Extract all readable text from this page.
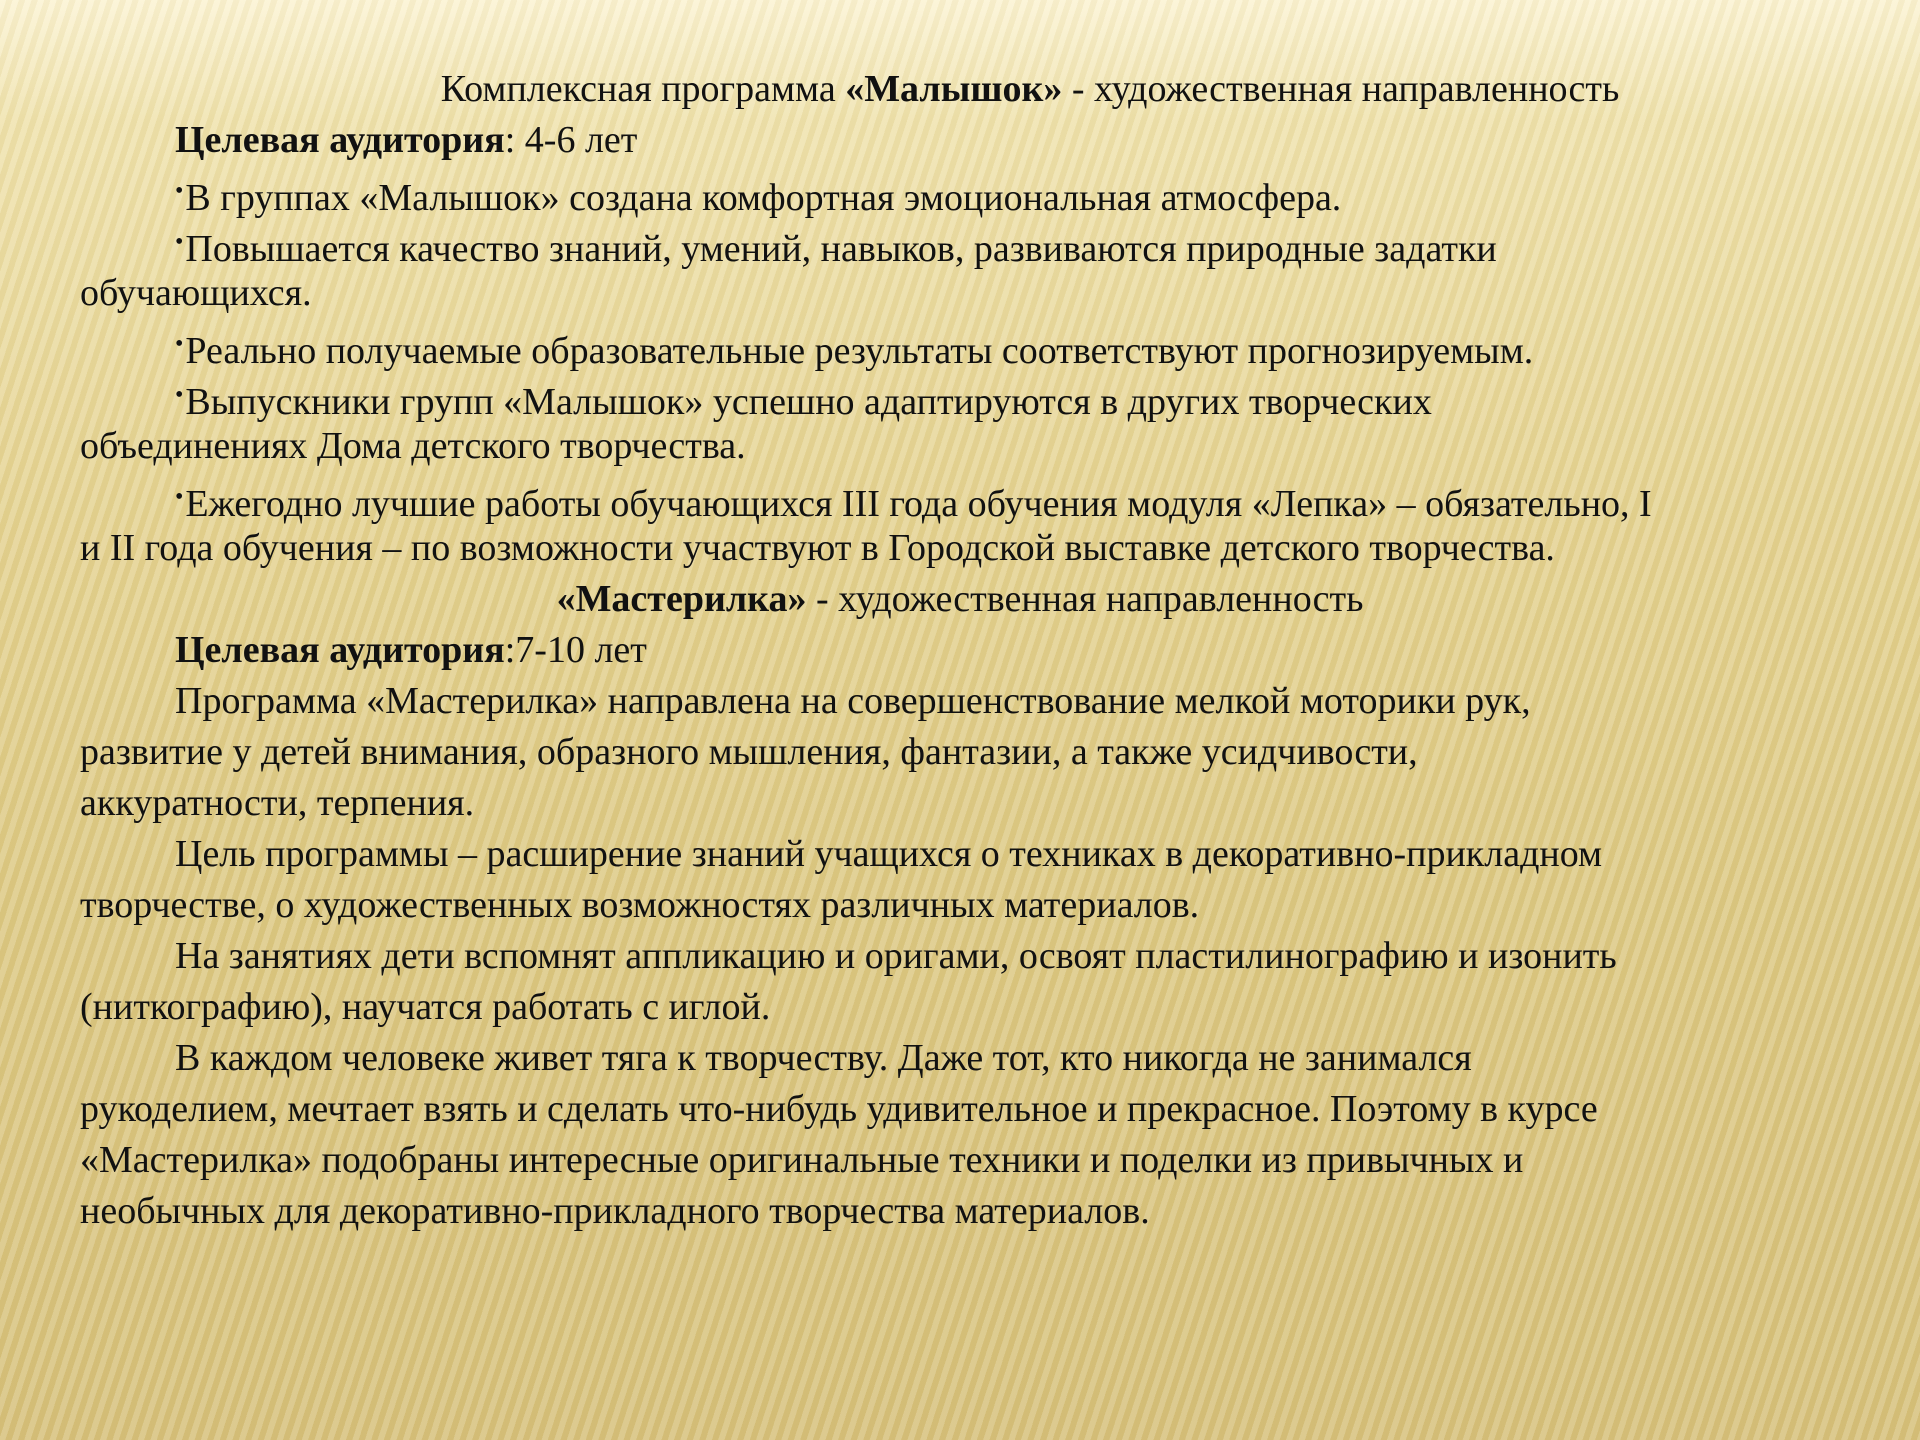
Комплексная программа «Малышок» - художественная направленность
Целевая аудитория: 4-6 лет
•В группах «Малышок» создана комфортная эмоциональная атмосфера.
•Повышается качество знаний, умений, навыков, развиваются природные задатки
обучающихся.
•Реально получаемые образовательные результаты соответствуют прогнозируемым.
•Выпускники групп «Малышок» успешно адаптируются в других творческих
объединениях Дома детского творчества.
•Ежегодно лучшие работы обучающихся III года обучения модуля «Лепка» – обязательно, I
и II года обучения – по возможности участвуют в Городской выставке детского творчества.
«Мастерилка» - художественная направленность
Целевая аудитория:7-10 лет
Программа «Мастерилка» направлена на совершенствование мелкой моторики рук,
развитие у детей внимания, образного мышления, фантазии, а также усидчивости,
аккуратности, терпения.
Цель программы – расширение знаний учащихся о техниках в декоративно-прикладном
творчестве, о художественных возможностях различных материалов.
На занятиях дети вспомнят аппликацию и оригами, освоят пластилинографию и изонить
(ниткографию), научатся работать с иглой.
В каждом человеке живет тяга к творчеству. Даже тот, кто никогда не занимался
рукоделием, мечтает взять и сделать что-нибудь удивительное и прекрасное. Поэтому в курсе
«Мастерилка» подобраны интересные оригинальные техники и поделки из привычных и
необычных для декоративно-прикладного творчества материалов.
